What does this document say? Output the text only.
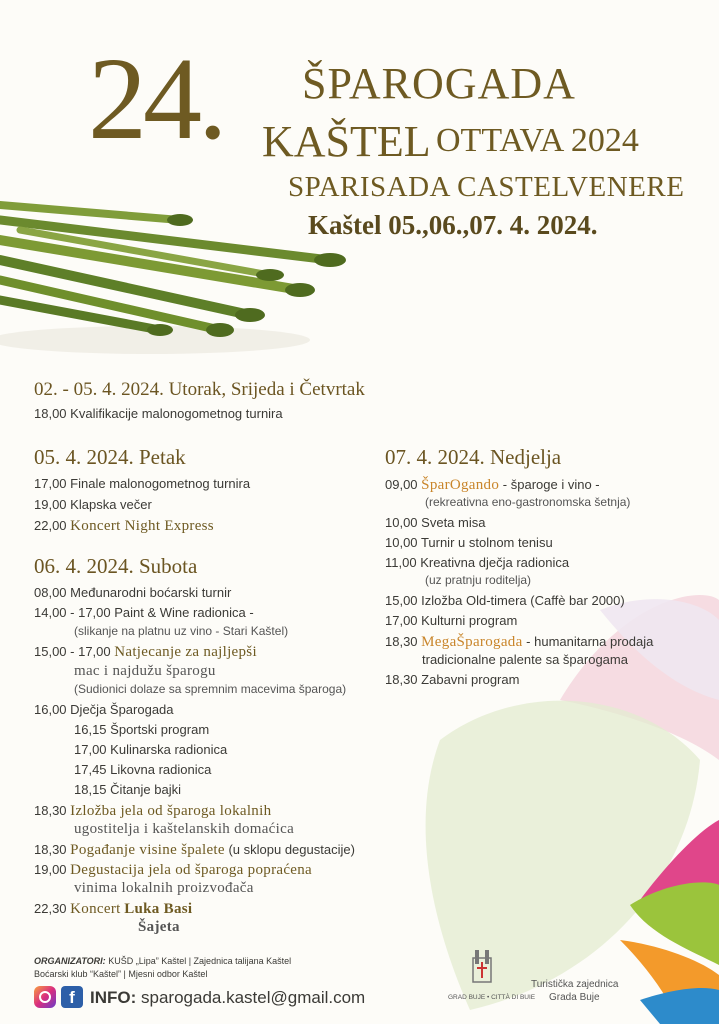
24. ŠPAROGADA
KAŠTEL OTTAVA 2024
SPARISADA CASTELVENERE
Kaštel 05.,06.,07. 4. 2024.
02. - 05. 4. 2024. Utorak, Srijeda i Četvrtak
05. 4. 2024. Petak
06. 4. 2024. Subota
07. 4. 2024. Nedjelja
18,00 Kvalifikacije malonogometnog turnira
17,00 Finale malonogometnog turnira
19,00 Klapska večer
22,00 Koncert Night Express
08,00 Međunarodni boćarski turnir
14,00 - 17,00 Paint & Wine radionica -
(slikanje na platnu uz vino - Stari Kaštel)
15,00 - 17,00 Natjecanje za najljepši
mac i najdužu šparogu
(Sudionici dolaze sa spremnim macevima šparoga)
16,00 Dječja Šparogada
16,15 Športski program
17,00 Kulinarska radionica
17,45 Likovna radionica
18,15 Čitanje bajki
18,30 Izložba jela od šparoga lokalnih
ugostitelja i kaštelanskih domaćica
18,30 Pogađanje visine špalete (u sklopu degustacije)
19,00 Degustacija jela od šparoga popraćena
vinima lokalnih proizvođača
22,30 Koncert Luka Basi
Šajeta
09,00 ŠparOgando - šparoge i vino -
(rekreativna eno-gastronomska šetnja)
10,00 Sveta misa
10,00 Turnir u stolnom tenisu
11,00 Kreativna dječja radionica
(uz pratnju roditelja)
15,00 Izložba Old-timera (Caffè bar 2000)
17,00 Kulturni program
18,30 MegaŠparogada - humanitarna prodaja
tradicionalne palente sa šparogama
18,30 Zabavni program
ORGANIZATORI: KUŠD „Lipa” Kaštel | Zajednica talijana Kaštel
Boćarski klub “Kaštel” | Mjesni odbor Kaštel
f INFO: sparogada.kastel@gmail.com	GRAD BUJE • CITTÀ DI BUIE
Turistička zajednica
Grada Buje
